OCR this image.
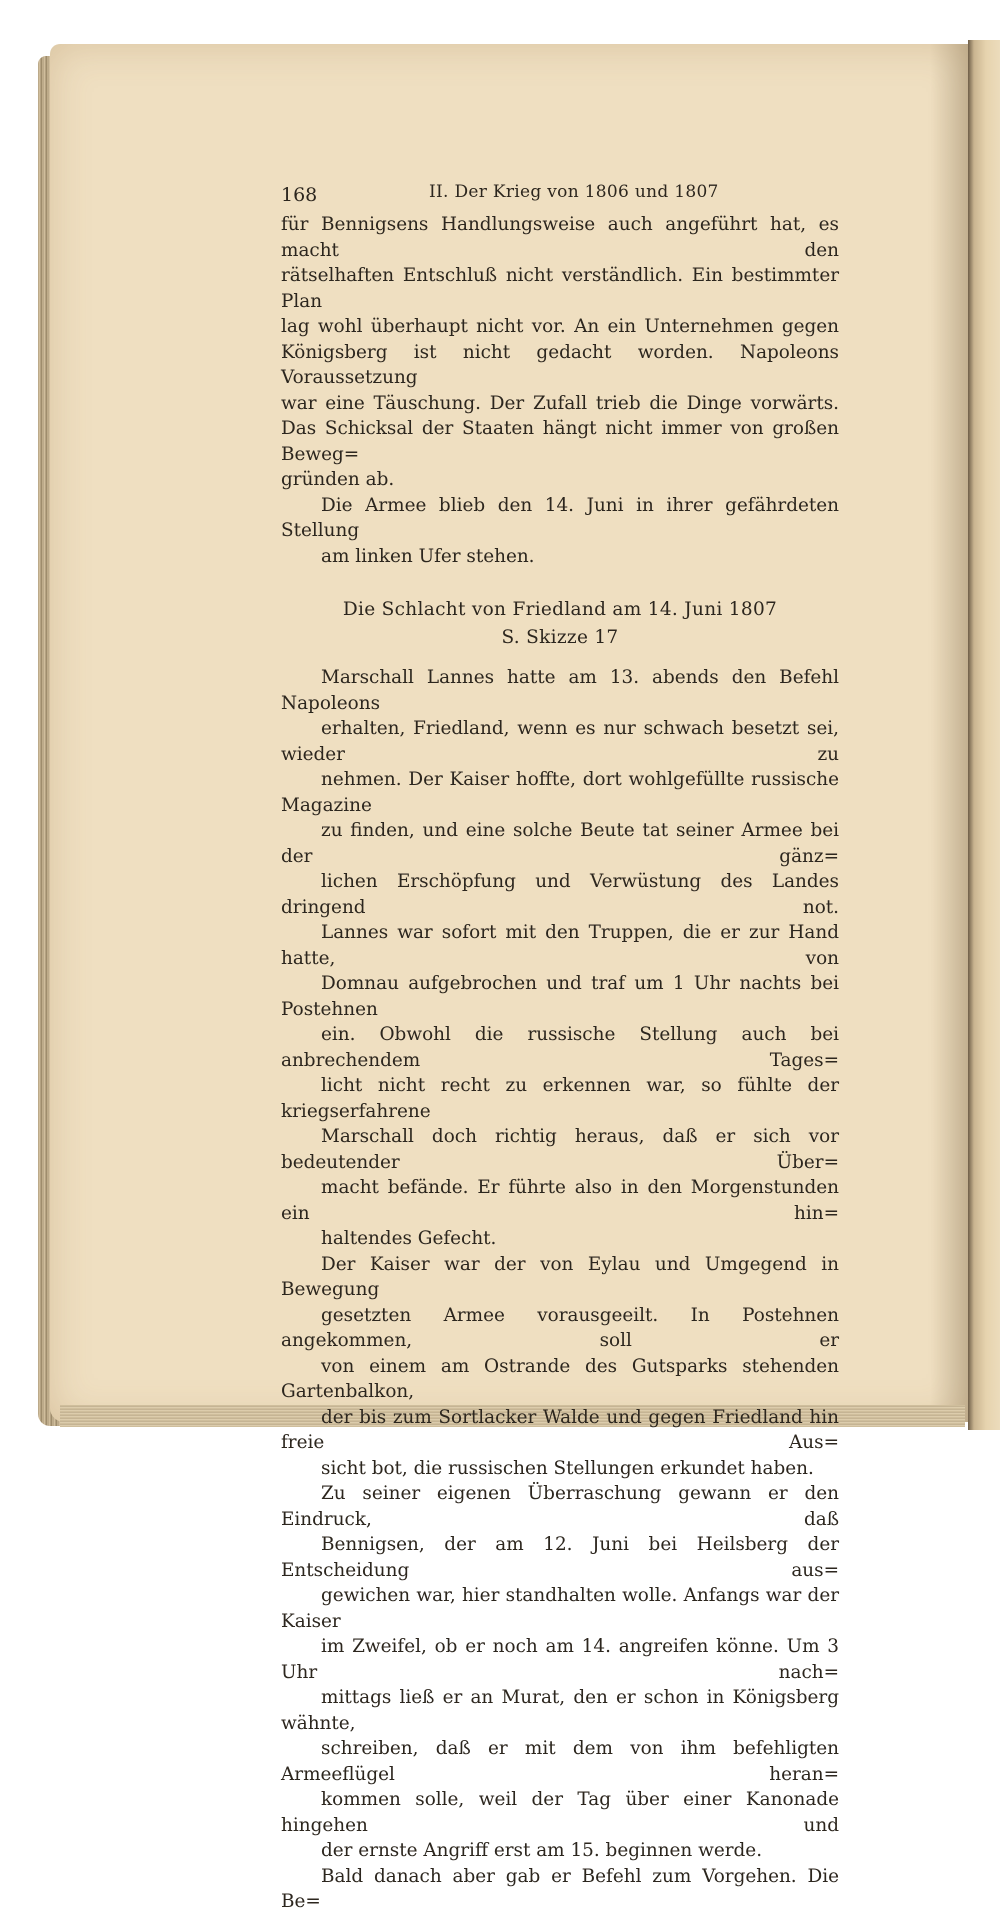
168	II. Der Krieg von 1806 und 1807

für Bennigsens Handlungsweise auch angeführt hat, es macht den
rätselhaften Entschluß nicht verständlich. Ein bestimmter Plan
lag wohl überhaupt nicht vor. An ein Unternehmen gegen
Königsberg ist nicht gedacht worden. Napoleons Voraussetzung
war eine Täuschung. Der Zufall trieb die Dinge vorwärts.
Das Schicksal der Staaten hängt nicht immer von großen Beweg=
gründen ab.

Die Armee blieb den 14. Juni in ihrer gefährdeten Stellung
am linken Ufer stehen.

Die Schlacht von Friedland am 14. Juni 1807

S. Skizze 17

Marschall Lannes hatte am 13. abends den Befehl Napoleons
erhalten, Friedland, wenn es nur schwach besetzt sei, wieder zu
nehmen. Der Kaiser hoffte, dort wohlgefüllte russische Magazine
zu finden, und eine solche Beute tat seiner Armee bei der gänz=
lichen Erschöpfung und Verwüstung des Landes dringend not.
Lannes war sofort mit den Truppen, die er zur Hand hatte, von
Domnau aufgebrochen und traf um 1 Uhr nachts bei Postehnen
ein. Obwohl die russische Stellung auch bei anbrechendem Tages=
licht nicht recht zu erkennen war, so fühlte der kriegserfahrene
Marschall doch richtig heraus, daß er sich vor bedeutender Über=
macht befände. Er führte also in den Morgenstunden ein hin=
haltendes Gefecht.

Der Kaiser war der von Eylau und Umgegend in Bewegung
gesetzten Armee vorausgeeilt. In Postehnen angekommen, soll er
von einem am Ostrande des Gutsparks stehenden Gartenbalkon,
der bis zum Sortlacker Walde und gegen Friedland hin freie Aus=
sicht bot, die russischen Stellungen erkundet haben.

Zu seiner eigenen Überraschung gewann er den Eindruck, daß
Bennigsen, der am 12. Juni bei Heilsberg der Entscheidung aus=
gewichen war, hier standhalten wolle. Anfangs war der Kaiser
im Zweifel, ob er noch am 14. angreifen könne. Um 3 Uhr nach=
mittags ließ er an Murat, den er schon in Königsberg wähnte,
schreiben, daß er mit dem von ihm befehligten Armeeflügel heran=
kommen solle, weil der Tag über einer Kanonade hingehen und
der ernste Angriff erst am 15. beginnen werde.

Bald danach aber gab er Befehl zum Vorgehen. Die Be=
